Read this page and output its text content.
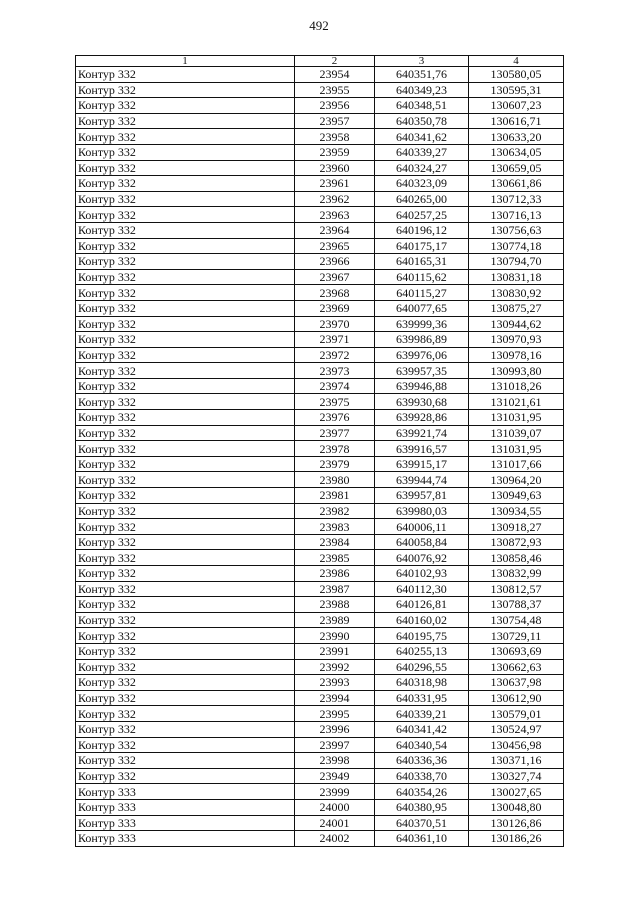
492
1	2	3	4
Контур 332	23954	640351,76	130580,05
Контур 332	23955	640349,23	130595,31
Контур 332	23956	640348,51	130607,23
Контур 332	23957	640350,78	130616,71
Контур 332	23958	640341,62	130633,20
Контур 332	23959	640339,27	130634,05
Контур 332	23960	640324,27	130659,05
Контур 332	23961	640323,09	130661,86
Контур 332	23962	640265,00	130712,33
Контур 332	23963	640257,25	130716,13
Контур 332	23964	640196,12	130756,63
Контур 332	23965	640175,17	130774,18
Контур 332	23966	640165,31	130794,70
Контур 332	23967	640115,62	130831,18
Контур 332	23968	640115,27	130830,92
Контур 332	23969	640077,65	130875,27
Контур 332	23970	639999,36	130944,62
Контур 332	23971	639986,89	130970,93
Контур 332	23972	639976,06	130978,16
Контур 332	23973	639957,35	130993,80
Контур 332	23974	639946,88	131018,26
Контур 332	23975	639930,68	131021,61
Контур 332	23976	639928,86	131031,95
Контур 332	23977	639921,74	131039,07
Контур 332	23978	639916,57	131031,95
Контур 332	23979	639915,17	131017,66
Контур 332	23980	639944,74	130964,20
Контур 332	23981	639957,81	130949,63
Контур 332	23982	639980,03	130934,55
Контур 332	23983	640006,11	130918,27
Контур 332	23984	640058,84	130872,93
Контур 332	23985	640076,92	130858,46
Контур 332	23986	640102,93	130832,99
Контур 332	23987	640112,30	130812,57
Контур 332	23988	640126,81	130788,37
Контур 332	23989	640160,02	130754,48
Контур 332	23990	640195,75	130729,11
Контур 332	23991	640255,13	130693,69
Контур 332	23992	640296,55	130662,63
Контур 332	23993	640318,98	130637,98
Контур 332	23994	640331,95	130612,90
Контур 332	23995	640339,21	130579,01
Контур 332	23996	640341,42	130524,97
Контур 332	23997	640340,54	130456,98
Контур 332	23998	640336,36	130371,16
Контур 332	23949	640338,70	130327,74
Контур 333	23999	640354,26	130027,65
Контур 333	24000	640380,95	130048,80
Контур 333	24001	640370,51	130126,86
Контур 333	24002	640361,10	130186,26
